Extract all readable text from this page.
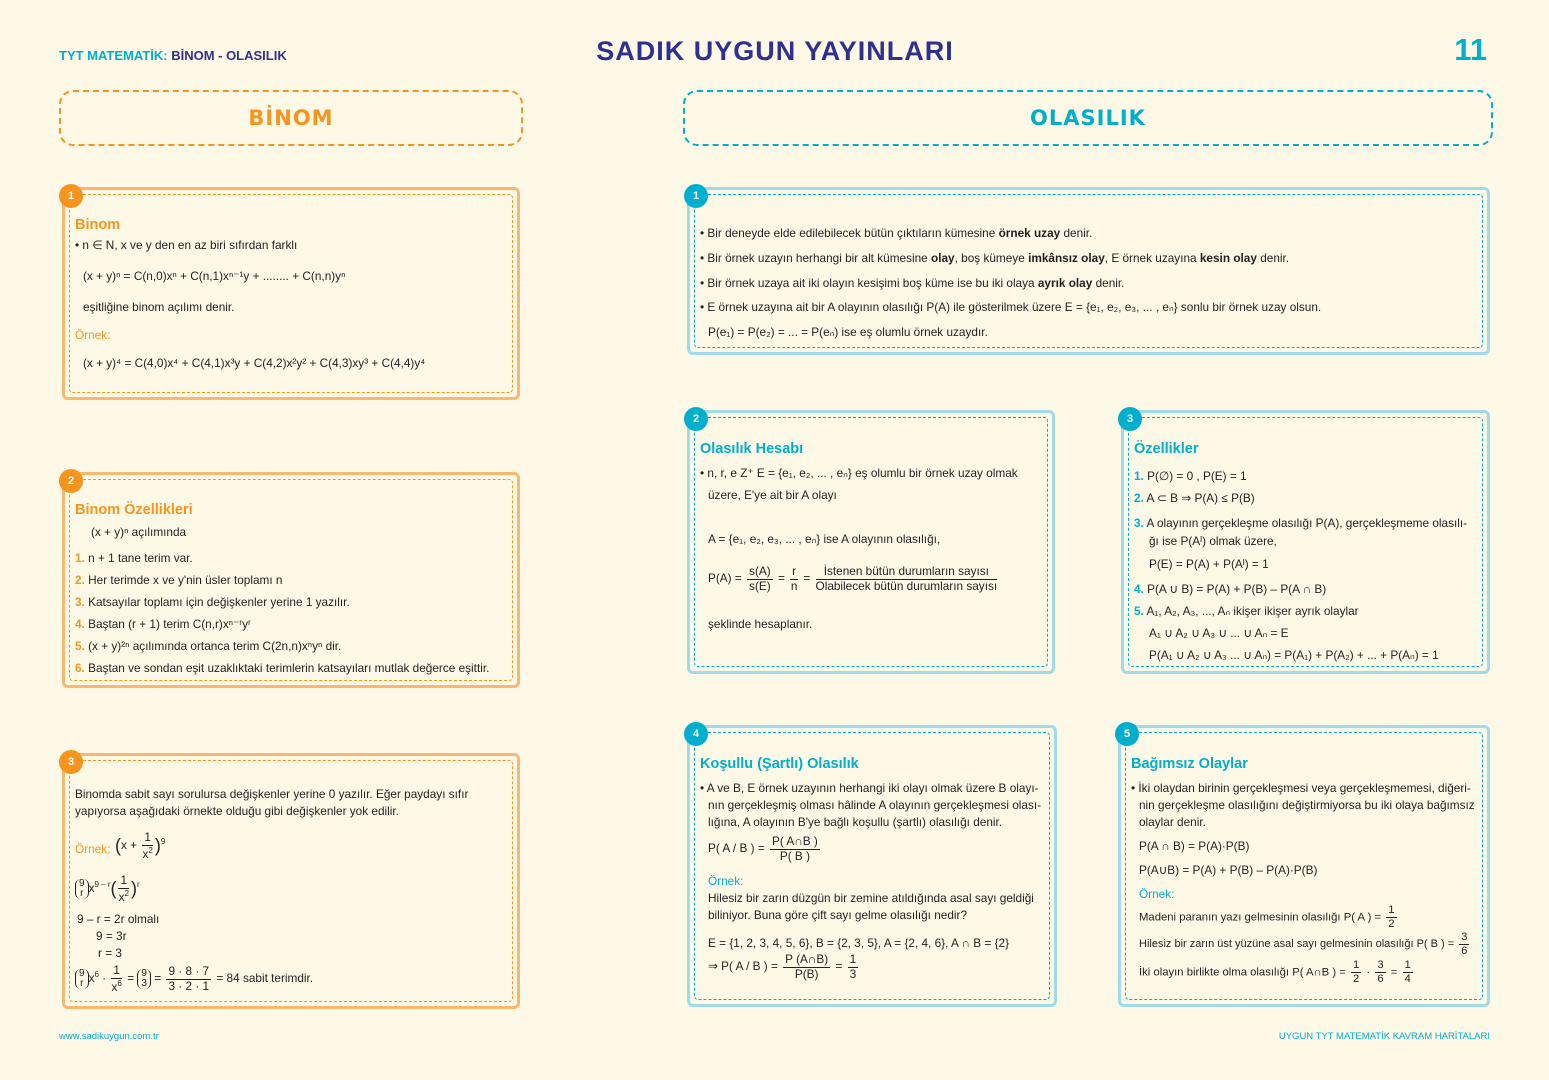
TYT MATEMATİK: BİNOM - OLASILIK	SADIK UYGUN YAYINLARI	11
BİNOM	OLASILIK
1
Binom
• n ∈ N, x ve y den en az biri sıfırdan farklı
(x + y)ⁿ = C(n,0)xⁿ + C(n,1)xⁿ⁻¹y + ........ + C(n,n)yⁿ
eşitliğine binom açılımı denir.
Örnek:
(x + y)⁴ = C(4,0)x⁴ + C(4,1)x³y + C(4,2)x²y² + C(4,3)xy³ + C(4,4)y⁴
2
Binom Özellikleri
(x + y)ⁿ açılımında
1. n + 1 tane terim var.
2. Her terimde x ve y'nin üsler toplamı n
3. Katsayılar toplamı için değişkenler yerine 1 yazılır.
4. Baştan (r + 1) terim C(n,r)xⁿ⁻ʳyʳ
5. (x + y)²ⁿ açılımında ortanca terim C(2n,n)xⁿyⁿ dir.
6. Baştan ve sondan eşit uzaklıktaki terimlerin katsayıları mutlak değerce eşittir.
3
Binomda sabit sayı sorulursa değişkenler yerine 0 yazılır. Eğer paydayı sıfır
yapıyorsa aşağıdaki örnekte olduğu gibi değişkenler yok edilir.
Örnek: $(x + \frac{1}{x^2} )^9$
9
r $x^{9 - r}( \frac{1}{x^2} )^r$
9 – r = 2r olmalı
9 = 3r
r = 3
9
r $x^6 \cdot \frac{1}{x^6} = 9$
$3 = \frac{9 \cdot 8 \cdot 7}{3 \cdot 2 \cdot 1} = 84$ sabit terimdir.
1
• Bir deneyde elde edilebilecek bütün çıktıların kümesine örnek uzay denir.
• Bir örnek uzayın herhangi bir alt kümesine olay, boş kümeye imkânsız olay, E örnek uzayına kesin olay denir.
• Bir örnek uzaya ait iki olayın kesişimi boş küme ise bu iki olaya ayrık olay denir.
• E örnek uzayına ait bir A olayının olasılığı P(A) ile gösterilmek üzere E = {e₁, e₂, e₃, ... , eₙ} sonlu bir örnek uzay olsun.
P(e₁) = P(e₂) = ... = P(eₙ) ise eş olumlu örnek uzaydır.
2
Olasılık Hesabı
• n, r, e Z⁺ E = {e₁, e₂, ... , eₙ} eş olumlu bir örnek uzay olmak
üzere, E'ye ait bir A olayı
A = {e₁, e₂, e₃, ... , eₙ} ise A olayının olasılığı,
$P(A) = \frac{s(A)}{s(E)} = \frac{r}{n} = \frac{\text{İstenen bütün durumların sayısı}}{\text{Olabilecek bütün durumların sayısı}}$
şeklinde hesaplanır.
3
Özellikler
1. P(∅) = 0 , P(E) = 1
2. A ⊂ B ⇒ P(A) ≤ P(B)
3. A olayının gerçekleşme olasılığı P(A), gerçekleşmeme olasılı-
ğı ise P(Aᴵ) olmak üzere,
P(E) = P(A) + P(Aᴵ) = 1
4. P(A ∪ B) = P(A) + P(B) – P(A ∩ B)
5. A₁, A₂, A₃, ..., Aₙ ikişer ikişer ayrık olaylar
A₁ ∪ A₂ ∪ A₃ ∪ ... ∪ Aₙ = E
P(A₁ ∪ A₂ ∪ A₃ ... ∪ Aₙ) = P(A₁) + P(A₂) + ... + P(Aₙ) = 1
4
Koşullu (Şartlı) Olasılık
• A ve B, E örnek uzayının herhangi iki olayı olmak üzere B olayı-
nın gerçekleşmiş olması hâlinde A olayının gerçekleşmesi olası-
lığına, A olayının B'ye bağlı koşullu (şartlı) olasılığı denir.
P( A / B ) = $\frac{P( A\cap B )}{P( B )}$
Örnek:
Hilesiz bir zarın düzgün bir zemine atıldığında asal sayı geldiği
biliniyor. Buna göre çift sayı gelme olasılığı nedir?
E = {1, 2, 3, 4, 5, 6}, B = {2, 3, 5}, A = {2, 4, 6}, A ∩ B = {2}
⇒ P( A / B ) = $\frac{P (A\cap B)}{P(B)} = \frac{1}{3}$
5
Bağımsız Olaylar
• İki olaydan birinin gerçekleşmesi veya gerçekleşmemesi, diğeri-
nin gerçekleşme olasılığını değiştirmiyorsa bu iki olaya bağımsız
olaylar denir.
P(A ∩ B) = P(A)·P(B)
P(A∪B) = P(A) + P(B) – P(A)·P(B)
Örnek:
Madeni paranın yazı gelmesinin olasılığı P( A ) = $\frac{1}{2}$
Hilesiz bir zarın üst yüzüne asal sayı gelmesinin olasılığı P( B ) = $\frac{3}{6}$
İki olayın birlikte olma olasılığı P( A∩B ) = $\frac{1}{2} \cdot \frac{3}{6} = \frac{1}{4}$
www.sadikuygun.com.tr	UYGUN TYT MATEMATİK KAVRAM HARİTALARI
